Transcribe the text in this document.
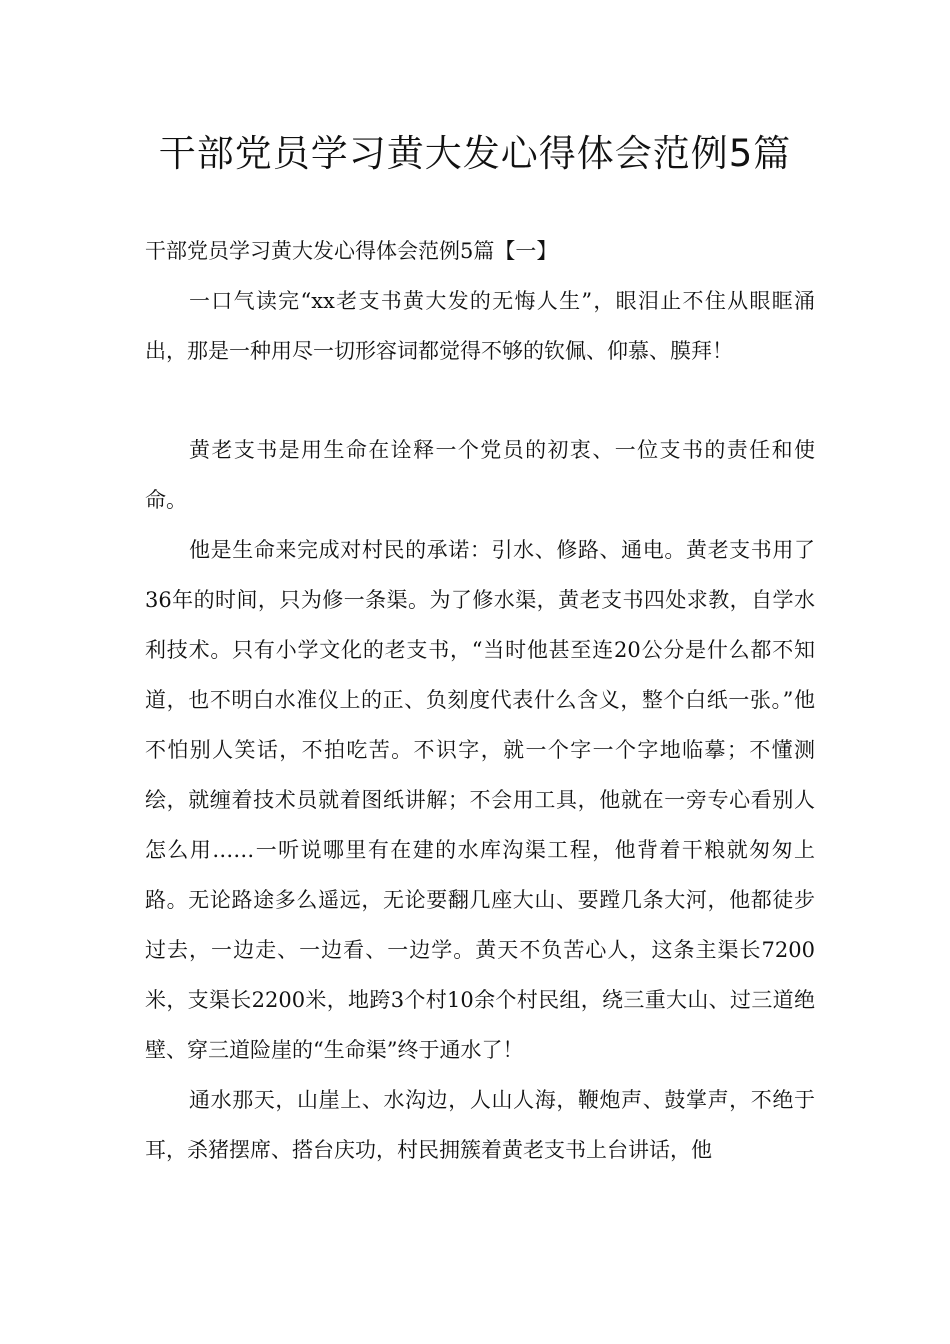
干部党员学习黄大发心得体会范例5篇

干部党员学习黄大发心得体会范例5篇【一】

一口气读完“xx老支书黄大发的无悔人生”，眼泪止不住从眼眶涌出，那是一种用尽一切形容词都觉得不够的钦佩、仰慕、膜拜！

黄老支书是用生命在诠释一个党员的初衷、一位支书的责任和使命。

他是生命来完成对村民的承诺：引水、修路、通电。黄老支书用了36年的时间，只为修一条渠。为了修水渠，黄老支书四处求教，自学水利技术。只有小学文化的老支书，“当时他甚至连20公分是什么都不知道，也不明白水准仪上的正、负刻度代表什么含义，整个白纸一张。”他不怕别人笑话，不拍吃苦。不识字，就一个字一个字地临摹；不懂测绘，就缠着技术员就着图纸讲解；不会用工具，他就在一旁专心看别人怎么用……一听说哪里有在建的水库沟渠工程，他背着干粮就匆匆上路。无论路途多么遥远，无论要翻几座大山、要蹚几条大河，他都徒步过去，一边走、一边看、一边学。黄天不负苦心人，这条主渠长7200米，支渠长2200米，地跨3个村10余个村民组，绕三重大山、过三道绝壁、穿三道险崖的“生命渠”终于通水了！

通水那天，山崖上、水沟边，人山人海，鞭炮声、鼓掌声，不绝于耳，杀猪摆席、搭台庆功，村民拥簇着黄老支书上台讲话，他
